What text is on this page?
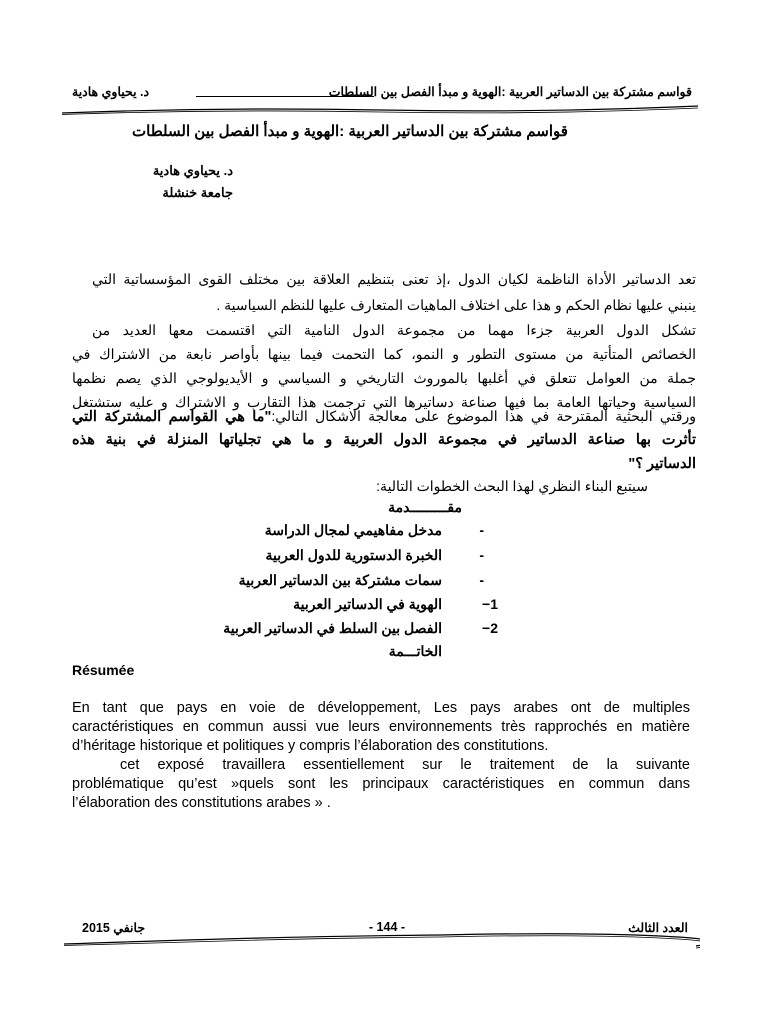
قواسم مشتركة بين الدساتير العربية :الهوية و مبدأ الفصل بين السلطات
د. يحياوي هادية
قواسم مشتركة بين الدساتير العربية :الهوية و مبدأ الفصل بين السلطات
د. يحياوي هادية
جامعة خنشلة
تعد الدساتير الأداة الناظمة لكيان الدول ،إذ تعنى بتنظيم العلاقة بين مختلف القوى المؤسساتية التي
ينبني عليها نظام الحكم و هذا على اختلاف الماهيات المتعارف عليها للنظم السياسية .
تشكل الدول العربية جزءا مهما من مجموعة الدول النامية التي اقتسمت معها العديد من
الخصائص المتأتية من مستوى التطور و النمو، كما التحمت فيما بينها بأواصر نابعة من الاشتراك في
جملة من العوامل تتعلق في أغلبها بالموروث التاريخي و السياسي و الأيديولوجي الذي يصم نظمها
السياسية وحياتها العامة بما فيها صناعة دساتيرها التي ترجمت هذا التقارب و الاشتراك و عليه ستشتغل
ورقتي البحثية المقترحة في هذا الموضوع على معالجة الاشكال التالي:"ما هي القواسم المشتركة التي
تأثرت بها صناعة الدساتير في مجموعة الدول العربية و ما هي تجلياتها المنزلة في بنية هذه
الدساتير ؟"
سيتبع البناء النظري لهذا البحث الخطوات التالية:
مقـــــــــدمة
-
مدخل مفاهيمي لمجال الدراسة
-
الخبرة الدستورية للدول العربية
-
سمات مشتركة بين الدساتير العربية
1−
الهوية في الدساتير العربية
2−
الفصل بين السلط في الدساتير العربية
الخاتـــمة
Résumée
En tant que pays en voie de développement, Les pays arabes ont de multiples
caractéristiques en commun aussi vue leurs environnements très rapprochés en matière
d’héritage historique et politiques y compris l’élaboration des constitutions.
cet exposé travaillera essentiellement sur le traitement de la suivante
problématique qu’est »quels sont les principaux caractéristiques en commun dans
l’élaboration des constitutions arabes » .
العدد الثالث
- 144 -
جانفي 2015
